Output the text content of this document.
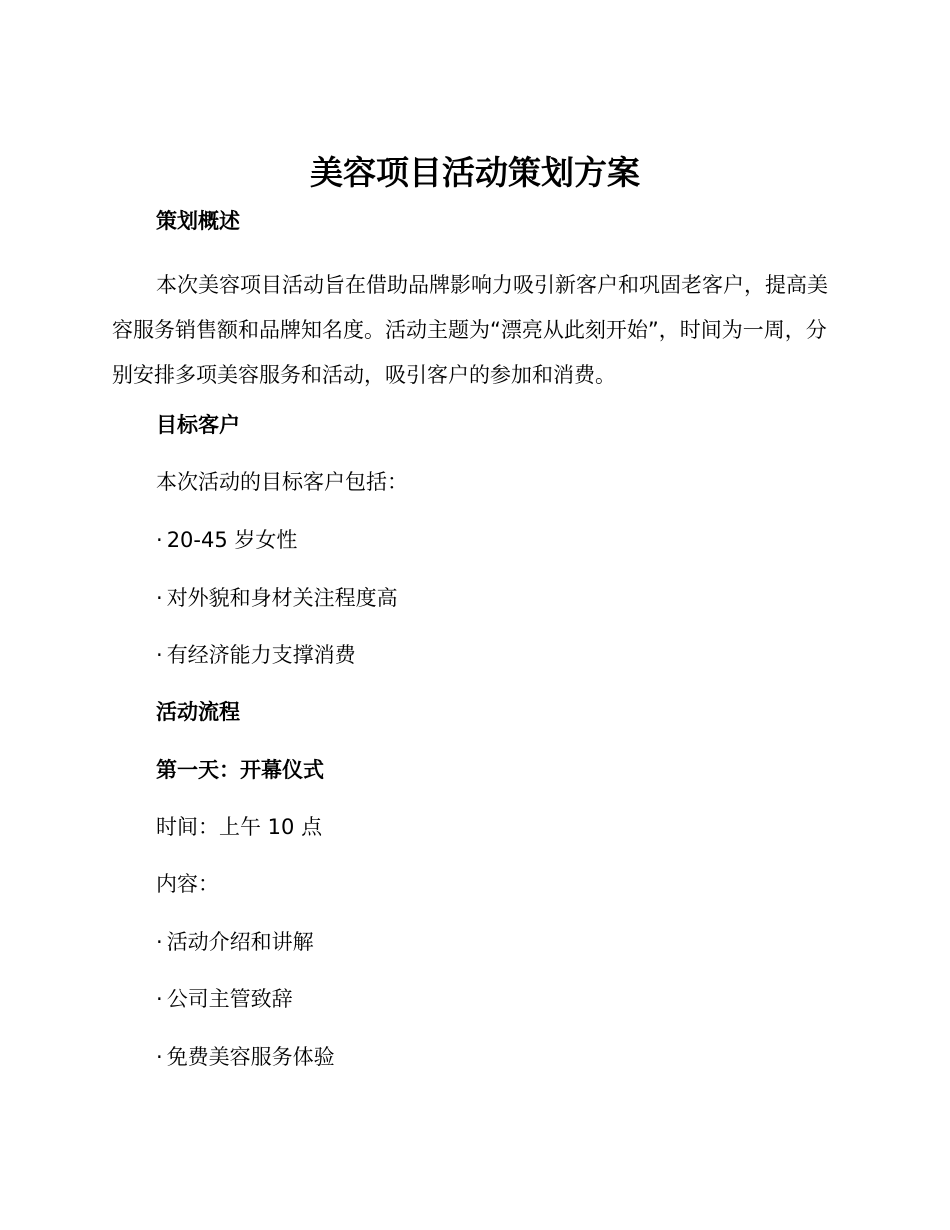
美容项目活动策划方案

策划概述

本次美容项目活动旨在借助品牌影响力吸引新客户和巩固老客户，提高美容服务销售额和品牌知名度。活动主题为“漂亮从此刻开始”，时间为一周，分别安排多项美容服务和活动，吸引客户的参加和消费。

目标客户

本次活动的目标客户包括：

· 20-45 岁女性

· 对外貌和身材关注程度高

· 有经济能力支撑消费

活动流程

第一天：开幕仪式

时间：上午 10 点

内容：

· 活动介绍和讲解

· 公司主管致辞

· 免费美容服务体验
